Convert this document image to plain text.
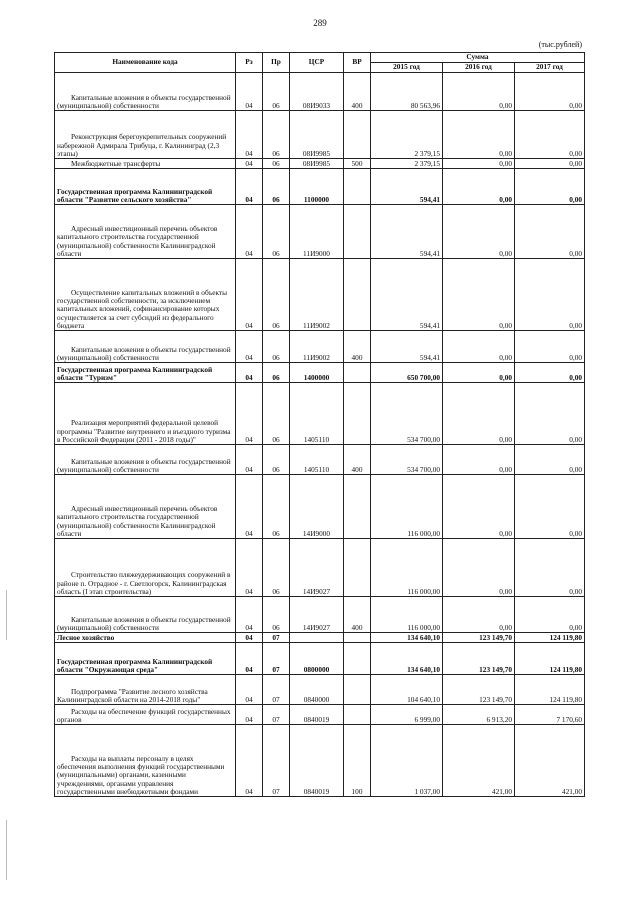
289
(тыс.рублей)
Наименование кода	Рз	Пр	ЦСР	ВР	Сумма		
					2015 год	2016 год	2017 год
Капитальные вложения в объекты государственной (муниципальной) собственности	04	06	08И9033	400	80 563,96	0,00	0,00
Реконструкция берегоукрепительных сооружений набережной Адмирала Трибуца, г. Калининград (2,3 этапы)	04	06	08И9985		2 379,15	0,00	0,00
Межбюджетные трансферты	04	06	08И9985	500	2 379,15	0,00	0,00
Государственная программа Калининградской области "Развитие сельского хозяйства"	04	06	1100000		594,41	0,00	0,00
Адресный инвестиционный перечень объектов капитального строительства государственной (муниципальной) собственности Калининградской области	04	06	11И9000		594,41	0,00	0,00
Осуществление капитальных вложений в объекты государственной собственности, за исключением капитальных вложений, софинансирование которых осуществляется за счет субсидий из федерального бюджета	04	06	11И9002		594,41	0,00	0,00
Капитальные вложения в объекты государственной (муниципальной) собственности	04	06	11И9002	400	594,41	0,00	0,00
Государственная программа Калининградской области "Туризм"	04	06	1400000		650 700,00	0,00	0,00
Реализация мероприятий федеральной целевой программы "Развитие внутреннего и въездного туризма в Российской Федерации (2011 - 2018 годы)"	04	06	1405110		534 700,00	0,00	0,00
Капитальные вложения в объекты государственной (муниципальной) собственности	04	06	1405110	400	534 700,00	0,00	0,00
Адресный инвестиционный перечень объектов капитального строительства государственной (муниципальной) собственности Калининградской области	04	06	14И9000		116 000,00	0,00	0,00
Строительство пляжеудерживающих сооружений в районе п. Отрадное - г. Светлогорск, Калининградская область (I этап строительства)	04	06	14И9027		116 000,00	0,00	0,00
Капитальные вложения в объекты государственной (муниципальной) собственности	04	06	14И9027	400	116 000,00	0,00	0,00
Лесное хозяйство	04	07			134 640,10	123 149,70	124 119,80
Государственная программа Калининградской области "Окружающая среда"	04	07	0800000		134 640,10	123 149,70	124 119,80
Подпрограмма "Развитие лесного хозяйства Калининградской области на 2014-2018 годы"	04	07	0840000		104 640,10	123 149,70	124 119,80
Расходы на обеспечение функций государственных органов	04	07	0840019		6 999,00	6 913,20	7 170,60
Расходы на выплаты персоналу в целях обеспечения выполнения функций государственными (муниципальными) органами, казенными учреждениями, органами управления государственными внебюджетными фондами	04	07	0840019	100	1 037,00	421,00	421,00
